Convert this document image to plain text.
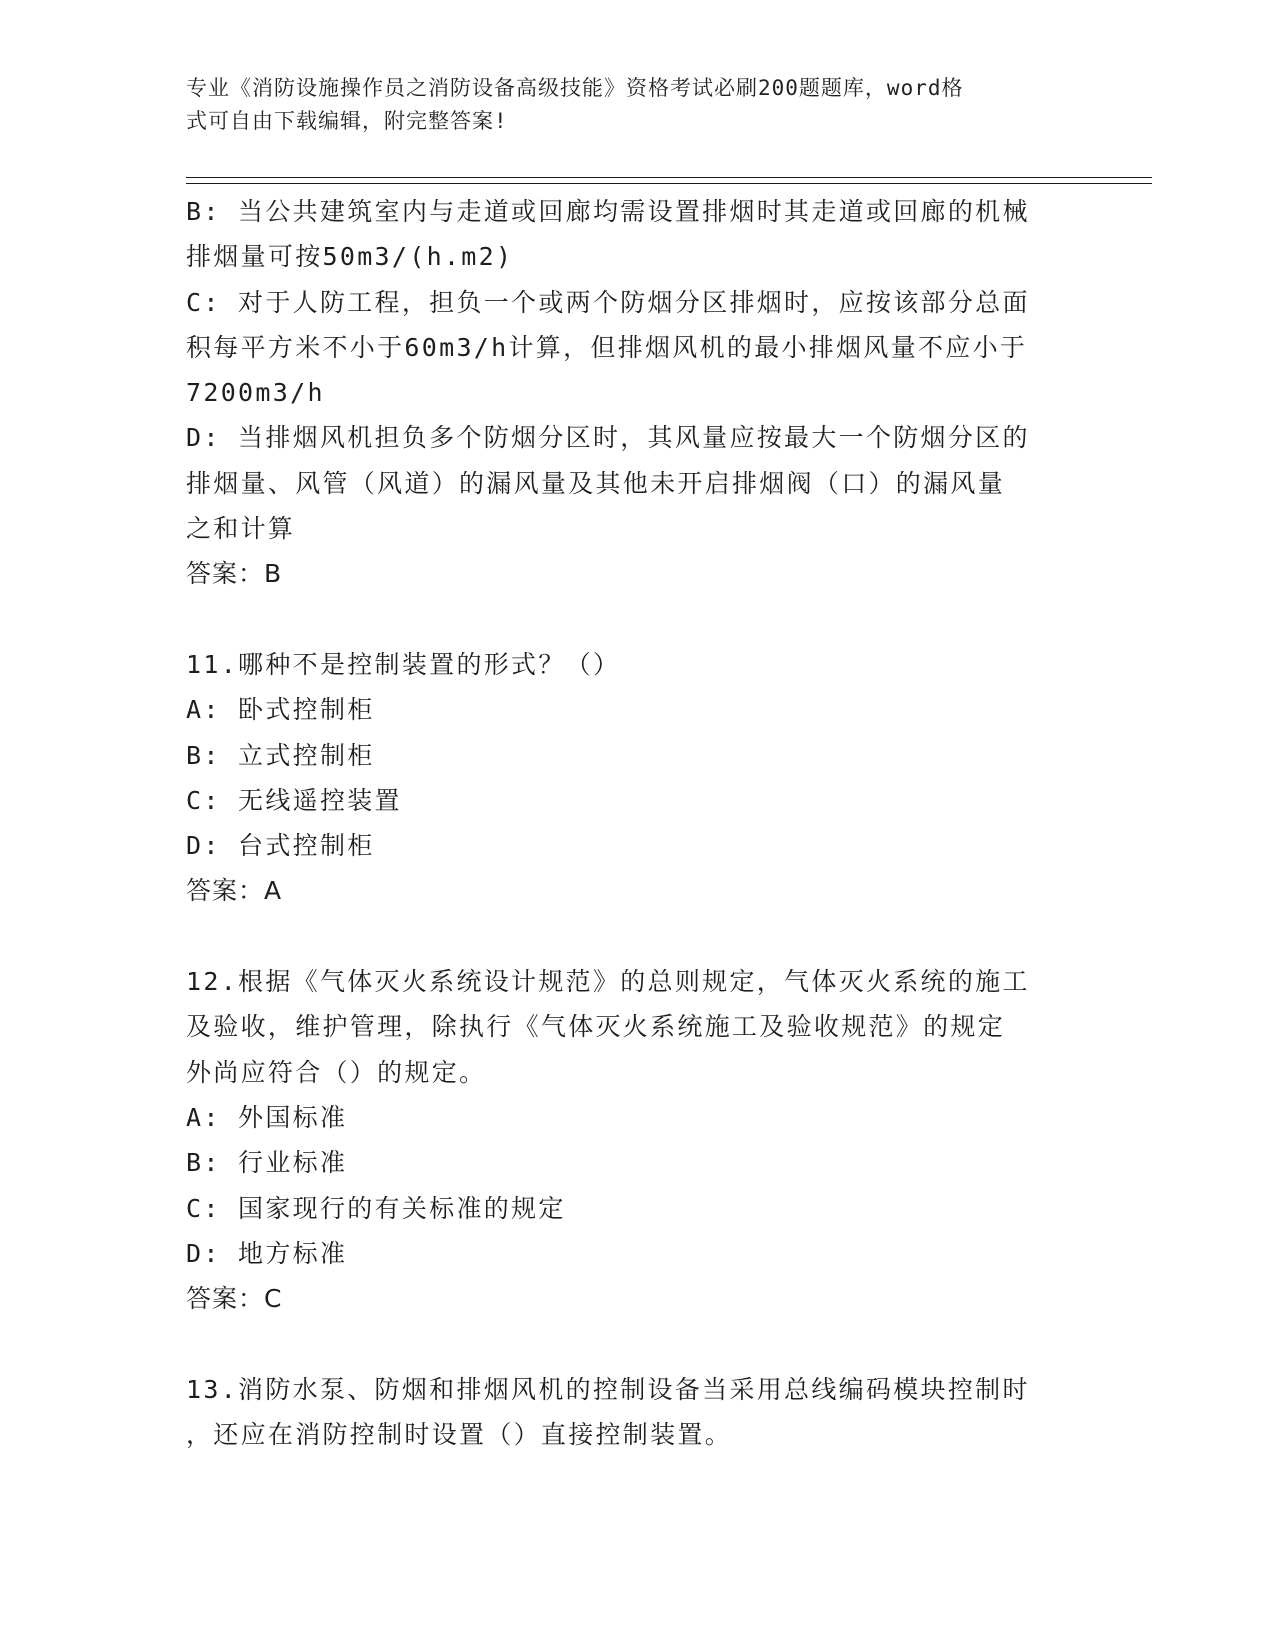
专业《消防设施操作员之消防设备高级技能》资格考试必刷200题题库，word格
式可自由下载编辑，附完整答案!
B: 当公共建筑室内与走道或回廊均需设置排烟时其走道或回廊的机械
排烟量可按50m3/(h.m2)
C: 对于人防工程，担负一个或两个防烟分区排烟时，应按该部分总面
积每平方米不小于60m3/h计算，但排烟风机的最小排烟风量不应小于
7200m3/h
D: 当排烟风机担负多个防烟分区时，其风量应按最大一个防烟分区的
排烟量、风管（风道）的漏风量及其他未开启排烟阀（口）的漏风量
之和计算
答案：B
11.哪种不是控制装置的形式？（）
A: 卧式控制柜
B: 立式控制柜
C: 无线遥控装置
D: 台式控制柜
答案：A
12.根据《气体灭火系统设计规范》的总则规定，气体灭火系统的施工
及验收，维护管理，除执行《气体灭火系统施工及验收规范》的规定
外尚应符合（）的规定。
A: 外国标准
B: 行业标准
C: 国家现行的有关标准的规定
D: 地方标准
答案：C
13.消防水泵、防烟和排烟风机的控制设备当采用总线编码模块控制时
，还应在消防控制时设置（）直接控制装置。
